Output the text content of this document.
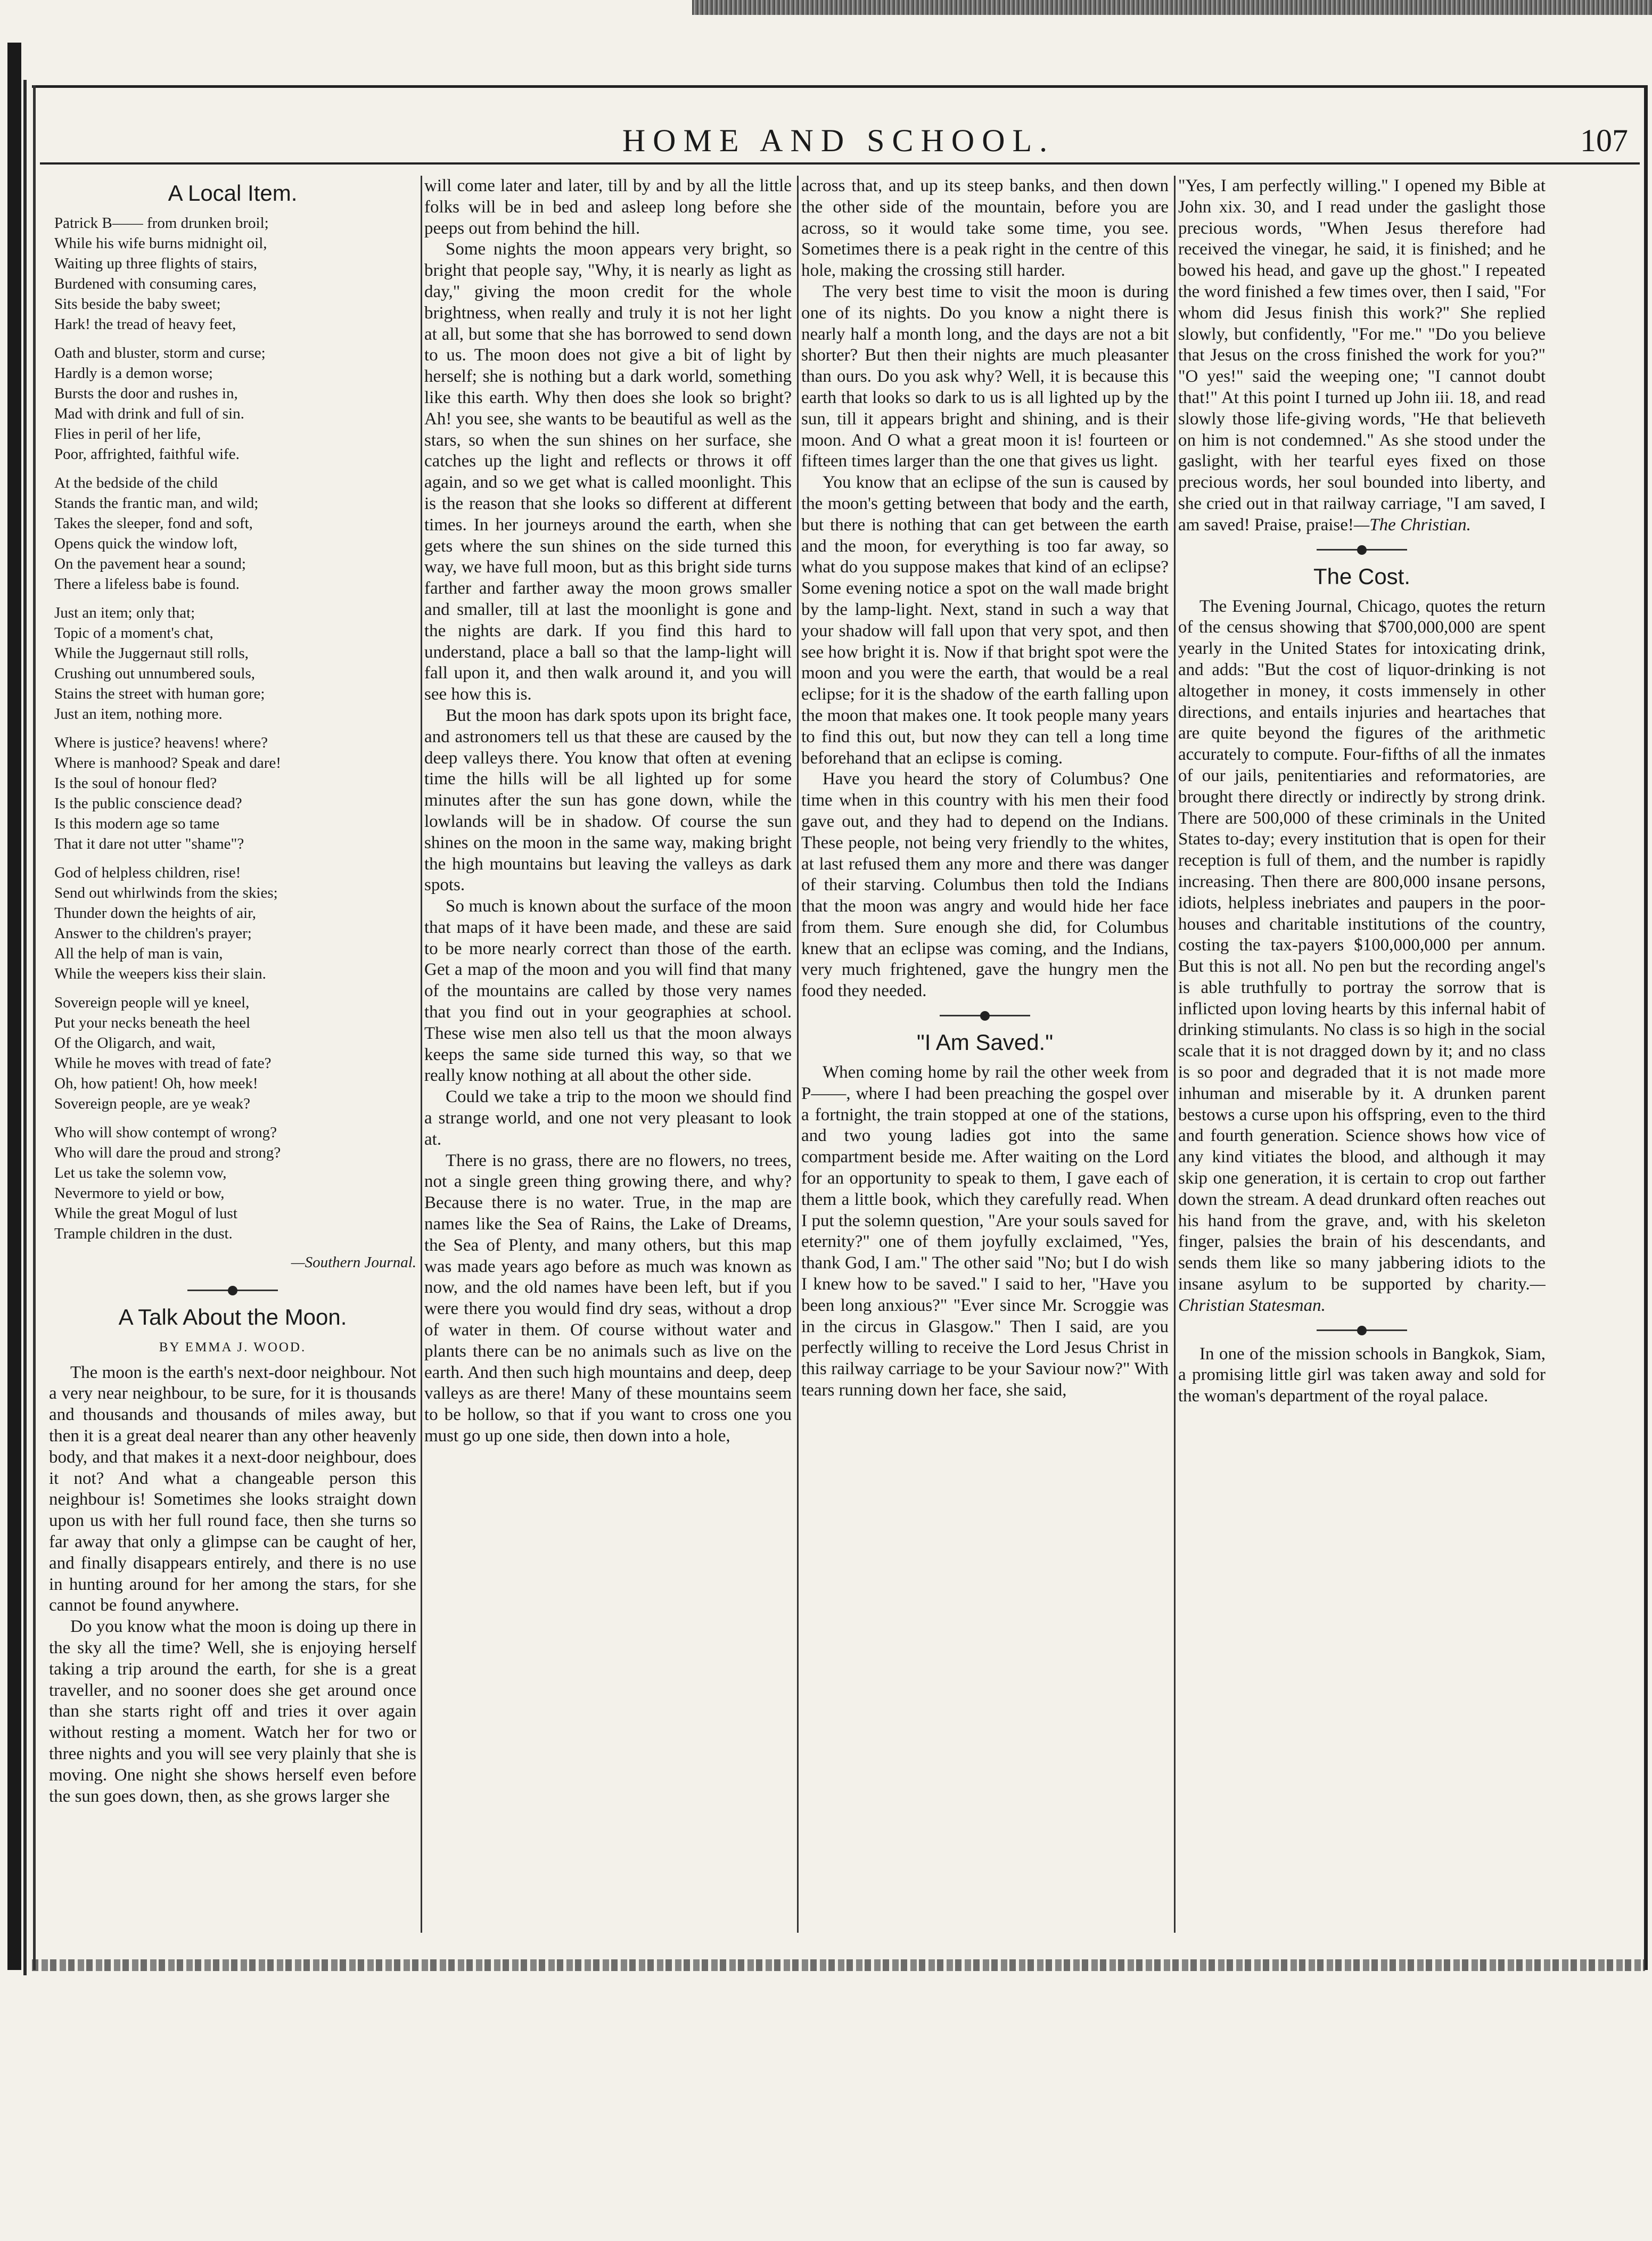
HOME AND SCHOOL.	107
A Local Item.
Patrick B—— from drunken broil;
While his wife burns midnight oil,
Waiting up three flights of stairs,
Burdened with consuming cares,
Sits beside the baby sweet;
Hark! the tread of heavy feet,
Oath and bluster, storm and curse;
Hardly is a demon worse;
Bursts the door and rushes in,
Mad with drink and full of sin.
Flies in peril of her life,
Poor, affrighted, faithful wife.
At the bedside of the child
Stands the frantic man, and wild;
Takes the sleeper, fond and soft,
Opens quick the window loft,
On the pavement hear a sound;
There a lifeless babe is found.
Just an item; only that;
Topic of a moment's chat,
While the Juggernaut still rolls,
Crushing out unnumbered souls,
Stains the street with human gore;
Just an item, nothing more.
Where is justice? heavens! where?
Where is manhood? Speak and dare!
Is the soul of honour fled?
Is the public conscience dead?
Is this modern age so tame
That it dare not utter "shame"?
God of helpless children, rise!
Send out whirlwinds from the skies;
Thunder down the heights of air,
Answer to the children's prayer;
All the help of man is vain,
While the weepers kiss their slain.
Sovereign people will ye kneel,
Put your necks beneath the heel
Of the Oligarch, and wait,
While he moves with tread of fate?
Oh, how patient! Oh, how meek!
Sovereign people, are ye weak?
Who will show contempt of wrong?
Who will dare the proud and strong?
Let us take the solemn vow,
Nevermore to yield or bow,
While the great Mogul of lust
Trample children in the dust.
—Southern Journal.
A Talk About the Moon.
BY EMMA J. WOOD.

The moon is the earth's next-door neighbour. Not a very near neighbour, to be sure, for it is thousands and thousands and thousands of miles away, but then it is a great deal nearer than any other heavenly body, and that makes it a next-door neighbour, does it not? And what a changeable person this neighbour is! Sometimes she looks straight down upon us with her full round face, then she turns so far away that only a glimpse can be caught of her, and finally disappears entirely, and there is no use in hunting around for her among the stars, for she cannot be found anywhere.

Do you know what the moon is doing up there in the sky all the time? Well, she is enjoying herself taking a trip around the earth, for she is a great traveller, and no sooner does she get around once than she starts right off and tries it over again without resting a moment. Watch her for two or three nights and you will see very plainly that she is moving. One night she shows herself even before the sun goes down, then, as she grows larger she

will come later and later, till by and by all the little folks will be in bed and asleep long before she peeps out from behind the hill.

Some nights the moon appears very bright, so bright that people say, "Why, it is nearly as light as day," giving the moon credit for the whole brightness, when really and truly it is not her light at all, but some that she has borrowed to send down to us. The moon does not give a bit of light by herself; she is nothing but a dark world, something like this earth. Why then does she look so bright? Ah! you see, she wants to be beautiful as well as the stars, so when the sun shines on her surface, she catches up the light and reflects or throws it off again, and so we get what is called moonlight. This is the reason that she looks so different at different times. In her journeys around the earth, when she gets where the sun shines on the side turned this way, we have full moon, but as this bright side turns farther and farther away the moon grows smaller and smaller, till at last the moonlight is gone and the nights are dark. If you find this hard to understand, place a ball so that the lamp-light will fall upon it, and then walk around it, and you will see how this is.

But the moon has dark spots upon its bright face, and astronomers tell us that these are caused by the deep valleys there. You know that often at evening time the hills will be all lighted up for some minutes after the sun has gone down, while the lowlands will be in shadow. Of course the sun shines on the moon in the same way, making bright the high mountains but leaving the valleys as dark spots.

So much is known about the surface of the moon that maps of it have been made, and these are said to be more nearly correct than those of the earth. Get a map of the moon and you will find that many of the mountains are called by those very names that you find out in your geographies at school. These wise men also tell us that the moon always keeps the same side turned this way, so that we really know nothing at all about the other side.

Could we take a trip to the moon we should find a strange world, and one not very pleasant to look at.

There is no grass, there are no flowers, no trees, not a single green thing growing there, and why? Because there is no water. True, in the map are names like the Sea of Rains, the Lake of Dreams, the Sea of Plenty, and many others, but this map was made years ago before as much was known as now, and the old names have been left, but if you were there you would find dry seas, without a drop of water in them. Of course without water and plants there can be no animals such as live on the earth. And then such high mountains and deep, deep valleys as are there! Many of these mountains seem to be hollow, so that if you want to cross one you must go up one side, then down into a hole,

across that, and up its steep banks, and then down the other side of the mountain, before you are across, so it would take some time, you see. Sometimes there is a peak right in the centre of this hole, making the crossing still harder.

The very best time to visit the moon is during one of its nights. Do you know a night there is nearly half a month long, and the days are not a bit shorter? But then their nights are much pleasanter than ours. Do you ask why? Well, it is because this earth that looks so dark to us is all lighted up by the sun, till it appears bright and shining, and is their moon. And O what a great moon it is! fourteen or fifteen times larger than the one that gives us light.

You know that an eclipse of the sun is caused by the moon's getting between that body and the earth, but there is nothing that can get between the earth and the moon, for everything is too far away, so what do you suppose makes that kind of an eclipse? Some evening notice a spot on the wall made bright by the lamp-light. Next, stand in such a way that your shadow will fall upon that very spot, and then see how bright it is. Now if that bright spot were the moon and you were the earth, that would be a real eclipse; for it is the shadow of the earth falling upon the moon that makes one. It took people many years to find this out, but now they can tell a long time beforehand that an eclipse is coming.

Have you heard the story of Columbus? One time when in this country with his men their food gave out, and they had to depend on the Indians. These people, not being very friendly to the whites, at last refused them any more and there was danger of their starving. Columbus then told the Indians that the moon was angry and would hide her face from them. Sure enough she did, for Columbus knew that an eclipse was coming, and the Indians, very much frightened, gave the hungry men the food they needed.

"I Am Saved."

When coming home by rail the other week from P——, where I had been preaching the gospel over a fortnight, the train stopped at one of the stations, and two young ladies got into the same compartment beside me. After waiting on the Lord for an opportunity to speak to them, I gave each of them a little book, which they carefully read. When I put the solemn question, "Are your souls saved for eternity?" one of them joyfully exclaimed, "Yes, thank God, I am." The other said "No; but I do wish I knew how to be saved." I said to her, "Have you been long anxious?" "Ever since Mr. Scroggie was in the circus in Glasgow." Then I said, are you perfectly willing to receive the Lord Jesus Christ in this railway carriage to be your Saviour now?" With tears running down her face, she said,

"Yes, I am perfectly willing." I opened my Bible at John xix. 30, and I read under the gaslight those precious words, "When Jesus therefore had received the vinegar, he said, it is finished; and he bowed his head, and gave up the ghost." I repeated the word finished a few times over, then I said, "For whom did Jesus finish this work?" She replied slowly, but confidently, "For me." "Do you believe that Jesus on the cross finished the work for you?" "O yes!" said the weeping one; "I cannot doubt that!" At this point I turned up John iii. 18, and read slowly those life-giving words, "He that believeth on him is not condemned." As she stood under the gaslight, with her tearful eyes fixed on those precious words, her soul bounded into liberty, and she cried out in that railway carriage, "I am saved, I am saved! Praise, praise!—The Christian.

The Cost.

The Evening Journal, Chicago, quotes the return of the census showing that $700,000,000 are spent yearly in the United States for intoxicating drink, and adds: "But the cost of liquor-drinking is not altogether in money, it costs immensely in other directions, and entails injuries and heartaches that are quite beyond the figures of the arithmetic accurately to compute. Four-fifths of all the inmates of our jails, penitentiaries and reformatories, are brought there directly or indirectly by strong drink. There are 500,000 of these criminals in the United States to-day; every institution that is open for their reception is full of them, and the number is rapidly increasing. Then there are 800,000 insane persons, idiots, helpless inebriates and paupers in the poor-houses and charitable institutions of the country, costing the tax-payers $100,000,000 per annum. But this is not all. No pen but the recording angel's is able truthfully to portray the sorrow that is inflicted upon loving hearts by this infernal habit of drinking stimulants. No class is so high in the social scale that it is not dragged down by it; and no class is so poor and degraded that it is not made more inhuman and miserable by it. A drunken parent bestows a curse upon his offspring, even to the third and fourth generation. Science shows how vice of any kind vitiates the blood, and although it may skip one generation, it is certain to crop out farther down the stream. A dead drunkard often reaches out his hand from the grave, and, with his skeleton finger, palsies the brain of his descendants, and sends them like so many jabbering idiots to the insane asylum to be supported by charity.—Christian Statesman.

In one of the mission schools in Bangkok, Siam, a promising little girl was taken away and sold for the woman's department of the royal palace.
